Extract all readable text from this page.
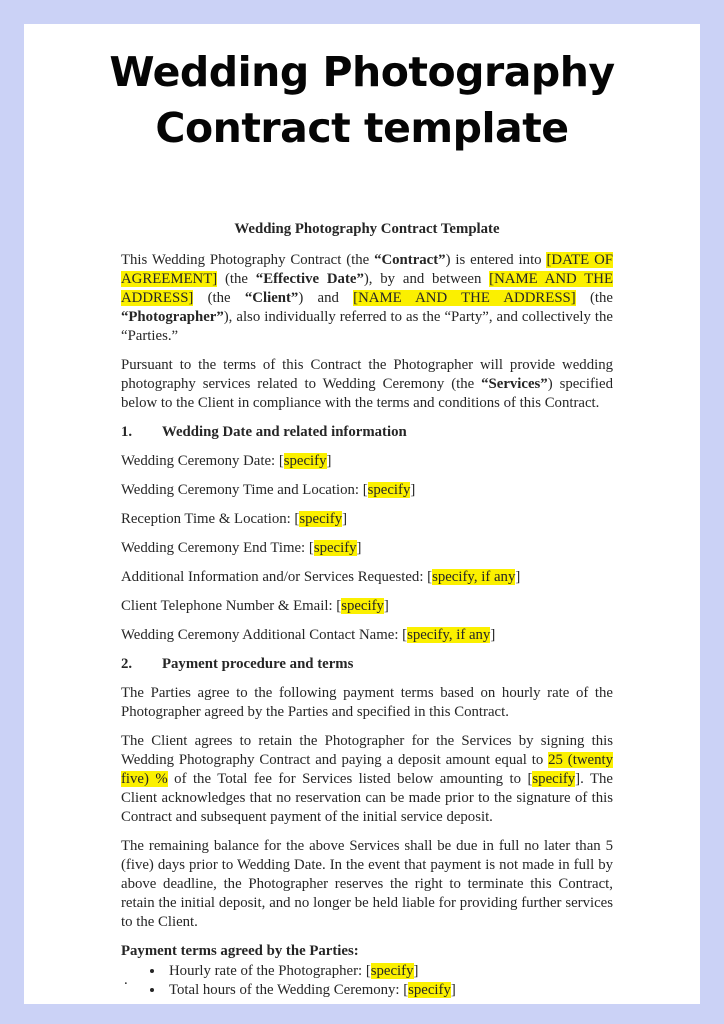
Wedding Photography
Contract template

Wedding Photography Contract Template

This Wedding Photography Contract (the “Contract”) is entered into [DATE OF AGREEMENT] (the “Effective Date”), by and between [NAME AND THE ADDRESS] (the “Client”) and [NAME AND THE ADDRESS] (the “Photographer”), also individually referred to as the “Party”, and collectively the “Parties.”

Pursuant to the terms of this Contract the Photographer will provide wedding photography services related to Wedding Ceremony (the “Services”) specified below to the Client in compliance with the terms and conditions of this Contract.

1. Wedding Date and related information

Wedding Ceremony Date: [specify]

Wedding Ceremony Time and Location: [specify]

Reception Time & Location: [specify]

Wedding Ceremony End Time: [specify]

Additional Information and/or Services Requested: [specify, if any]

Client Telephone Number & Email: [specify]

Wedding Ceremony Additional Contact Name: [specify, if any]

2. Payment procedure and terms

The Parties agree to the following payment terms based on hourly rate of the Photographer agreed by the Parties and specified in this Contract.

The Client agrees to retain the Photographer for the Services by signing this Wedding Photography Contract and paying a deposit amount equal to 25 (twenty five) % of the Total fee for Services listed below amounting to [specify]. The Client acknowledges that no reservation can be made prior to the signature of this Contract and subsequent payment of the initial service deposit.

The remaining balance for the above Services shall be due in full no later than 5 (five) days prior to Wedding Date. In the event that payment is not made in full by above deadline, the Photographer reserves the right to terminate this Contract, retain the initial deposit, and no longer be held liable for providing further services to the Client.

Payment terms agreed by the Parties:

• Hourly rate of the Photographer: [specify]
• Total hours of the Wedding Ceremony: [specify]
.
